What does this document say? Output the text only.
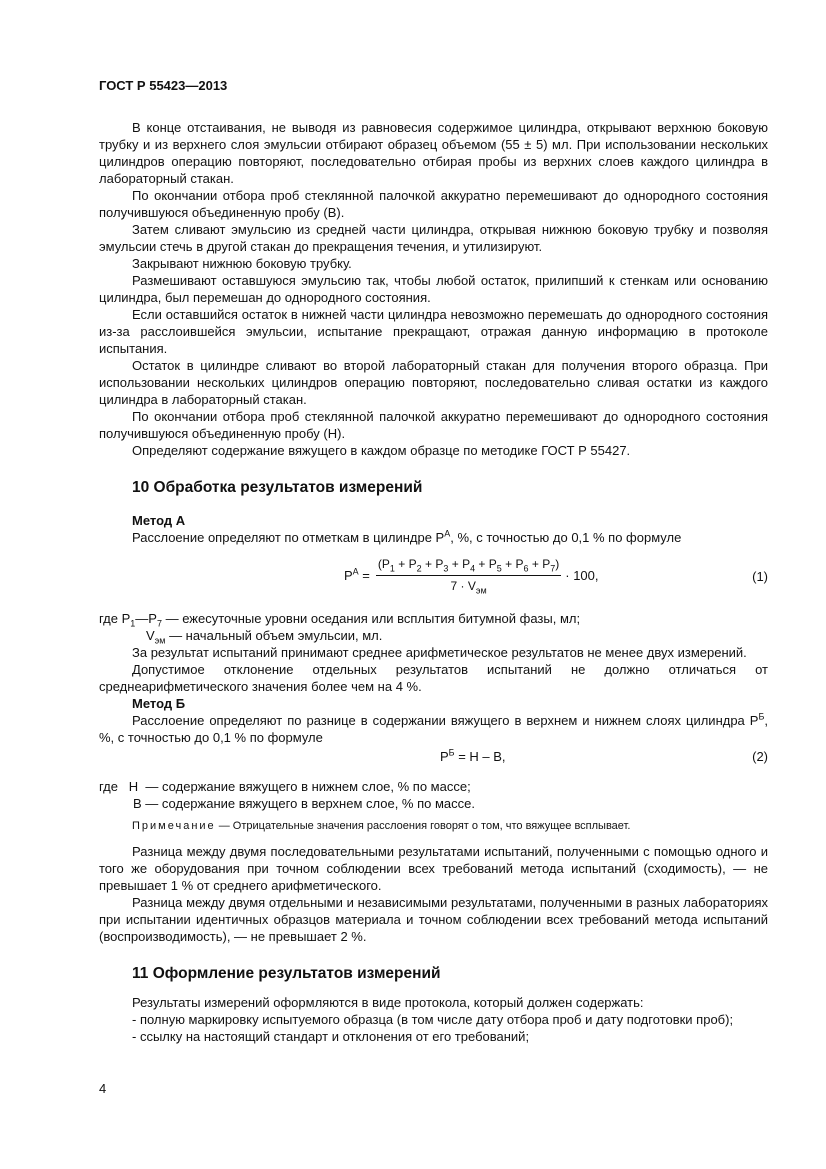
ГОСТ Р 55423—2013

В конце отстаивания, не выводя из равновесия содержимое цилиндра, открывают верхнюю боковую трубку и из верхнего слоя эмульсии отбирают образец объемом (55 ± 5) мл. При использовании нескольких цилиндров операцию повторяют, последовательно отбирая пробы из верхних слоев каждого цилиндра в лабораторный стакан.

По окончании отбора проб стеклянной палочкой аккуратно перемешивают до однородного состояния получившуюся объединенную пробу (В).

Затем сливают эмульсию из средней части цилиндра, открывая нижнюю боковую трубку и позволяя эмульсии стечь в другой стакан до прекращения течения, и утилизируют.

Закрывают нижнюю боковую трубку.

Размешивают оставшуюся эмульсию так, чтобы любой остаток, прилипший к стенкам или основанию цилиндра, был перемешан до однородного состояния.

Если оставшийся остаток в нижней части цилиндра невозможно перемешать до однородного состояния из-за расслоившейся эмульсии, испытание прекращают, отражая данную информацию в протоколе испытания.

Остаток в цилиндре сливают во второй лабораторный стакан для получения второго образца. При использовании нескольких цилиндров операцию повторяют, последовательно сливая остатки из каждого цилиндра в лабораторный стакан.

По окончании отбора проб стеклянной палочкой аккуратно перемешивают до однородного состояния получившуюся объединенную пробу (Н).

Определяют содержание вяжущего в каждом образце по методике ГОСТ Р 55427.

10 Обработка результатов измерений

Метод А

Расслоение определяют по отметкам в цилиндре $Р^А$, %, с точностью до 0,1 % по формуле

$Р^А = \frac{(Р_1 + Р_2 + Р_3 + Р_4 + Р_5 + Р_6 + Р_7)}{7 \cdot V_{эм}} \cdot 100$,	(1)

где $Р_1—Р_7$ — ежесуточные уровни оседания или всплытия битумной фазы, мл;

$V_{эм}$ — начальный объем эмульсии, мл.

За результат испытаний принимают среднее арифметическое результатов не менее двух измерений.

Допустимое отклонение отдельных результатов испытаний не должно отличаться от среднеарифметического значения более чем на 4 %.

Метод Б

Расслоение определяют по разнице в содержании вяжущего в верхнем и нижнем слоях цилиндра $Р^Б$, %, с точностью до 0,1 % по формуле

$Р^Б = Н - В$,	(2)

где   Н  — содержание вяжущего в нижнем слое, % по массе;

В — содержание вяжущего в верхнем слое, % по массе.

Примечание — Отрицательные значения расслоения говорят о том, что вяжущее всплывает.

Разница между двумя последовательными результатами испытаний, полученными с помощью одного и того же оборудования при точном соблюдении всех требований метода испытаний (сходимость), — не превышает 1 % от среднего арифметического.

Разница между двумя отдельными и независимыми результатами, полученными в разных лабораториях при испытании идентичных образцов материала и точном соблюдении всех требований метода испытаний (воспроизводимость), — не превышает 2 %.

11 Оформление результатов измерений

Результаты измерений оформляются в виде протокола, который должен содержать:

- полную маркировку испытуемого образца (в том числе дату отбора проб и дату подготовки проб);

- ссылку на настоящий стандарт и отклонения от его требований;

4
